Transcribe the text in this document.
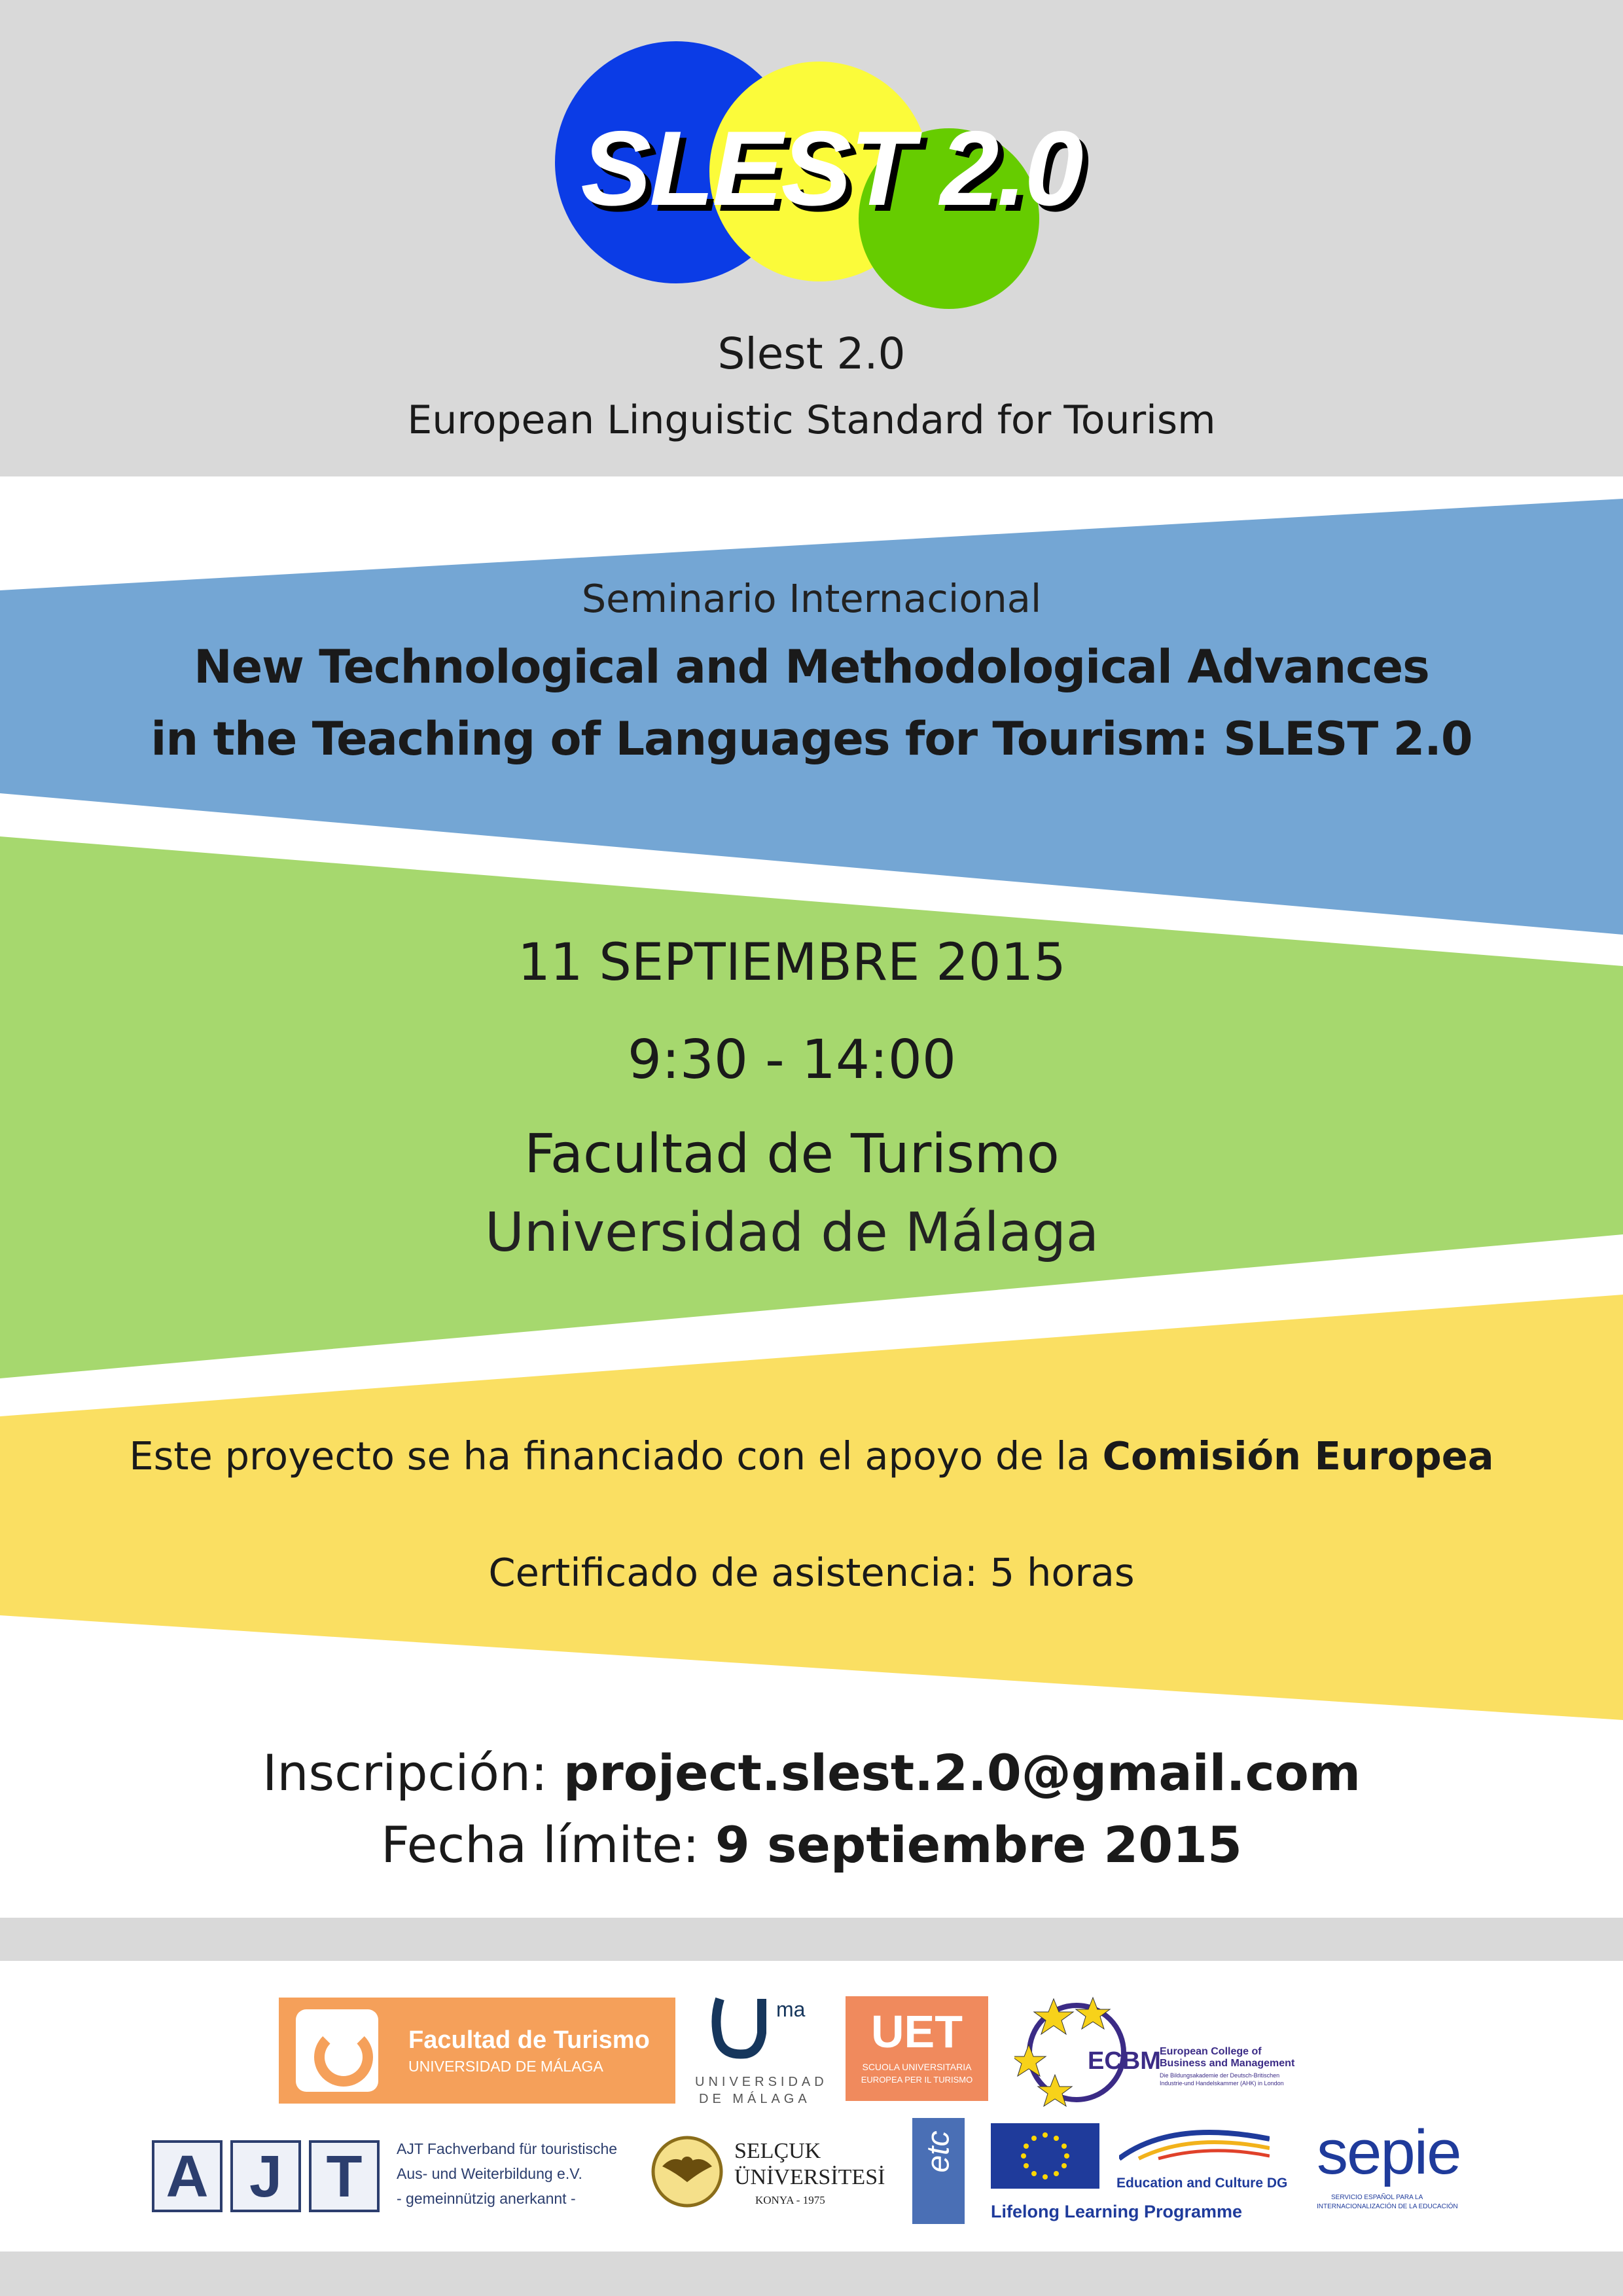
SLEST 2.0
Slest 2.0
European Linguistic Standard for Tourism
Seminario Internacional
New Technological and Methodological Advances
in the Teaching of Languages for Tourism: SLEST 2.0
11 SEPTIEMBRE 2015
9:30 - 14:00
Facultad de Turismo
Universidad de Málaga
Este proyecto se ha financiado con el apoyo de la Comisión Europea
Certificado de asistencia: 5 horas
Inscripción: project.slest.2.0@gmail.com
Fecha límite: 9 septiembre 2015
Facultad de Turismo
UNIVERSIDAD DE MÁLAGA
ma
UNIVERSIDAD
DE MÁLAGA
UET
SCUOLA UNIVERSITARIA
EUROPEA PER IL TURISMO
ECBM
European College of
Business and Management
Die Bildungsakademie der Deutsch-Britischen
Industrie-und Handelskammer (AHK) in London
A J T	AJT Fachverband für touristische
Aus- und Weiterbildung e.V.
- gemeinnützig anerkannt -
SELÇUK
ÜNİVERSİTESİ
KONYA - 1975
etc
Education and Culture DG
Lifelong Learning Programme
sepie
SERVICIO ESPAÑOL PARA LA
INTERNACIONALIZACIÓN DE LA EDUCACIÓN
